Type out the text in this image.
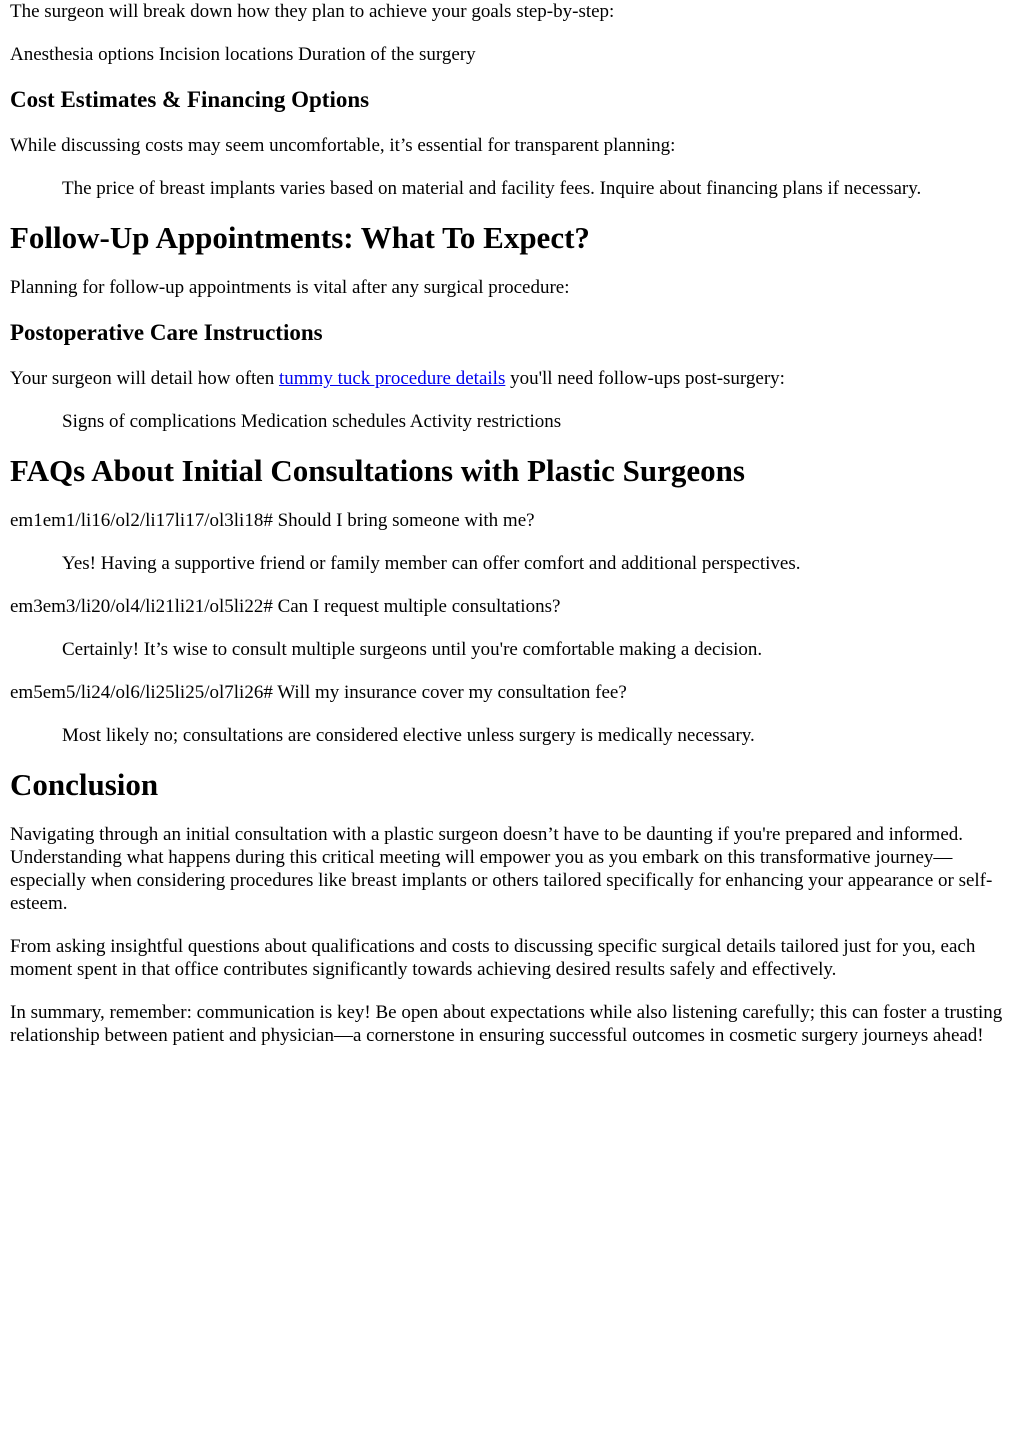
The surgeon will break down how they plan to achieve your goals step-by-step:

Anesthesia options Incision locations Duration of the surgery

Cost Estimates & Financing Options

While discussing costs may seem uncomfortable, it’s essential for transparent planning:

The price of breast implants varies based on material and facility fees. Inquire about financing plans if necessary.

Follow-Up Appointments: What To Expect?

Planning for follow-up appointments is vital after any surgical procedure:

Postoperative Care Instructions

Your surgeon will detail how often tummy tuck procedure details you'll need follow-ups post-surgery:

Signs of complications Medication schedules Activity restrictions

FAQs About Initial Consultations with Plastic Surgeons

em1em1/li16/ol2/li17li17/ol3li18# Should I bring someone with me?

Yes! Having a supportive friend or family member can offer comfort and additional perspectives.

em3em3/li20/ol4/li21li21/ol5li22# Can I request multiple consultations?

Certainly! It’s wise to consult multiple surgeons until you're comfortable making a decision.

em5em5/li24/ol6/li25li25/ol7li26# Will my insurance cover my consultation fee?

Most likely no; consultations are considered elective unless surgery is medically necessary.

Conclusion

Navigating through an initial consultation with a plastic surgeon doesn’t have to be daunting if you're prepared and informed. Understanding what happens during this critical meeting will empower you as you embark on this transformative journey—especially when considering procedures like breast implants or others tailored specifically for enhancing your appearance or self-esteem.

From asking insightful questions about qualifications and costs to discussing specific surgical details tailored just for you, each moment spent in that office contributes significantly towards achieving desired results safely and effectively.

In summary, remember: communication is key! Be open about expectations while also listening carefully; this can foster a trusting relationship between patient and physician—a cornerstone in ensuring successful outcomes in cosmetic surgery journeys ahead!
